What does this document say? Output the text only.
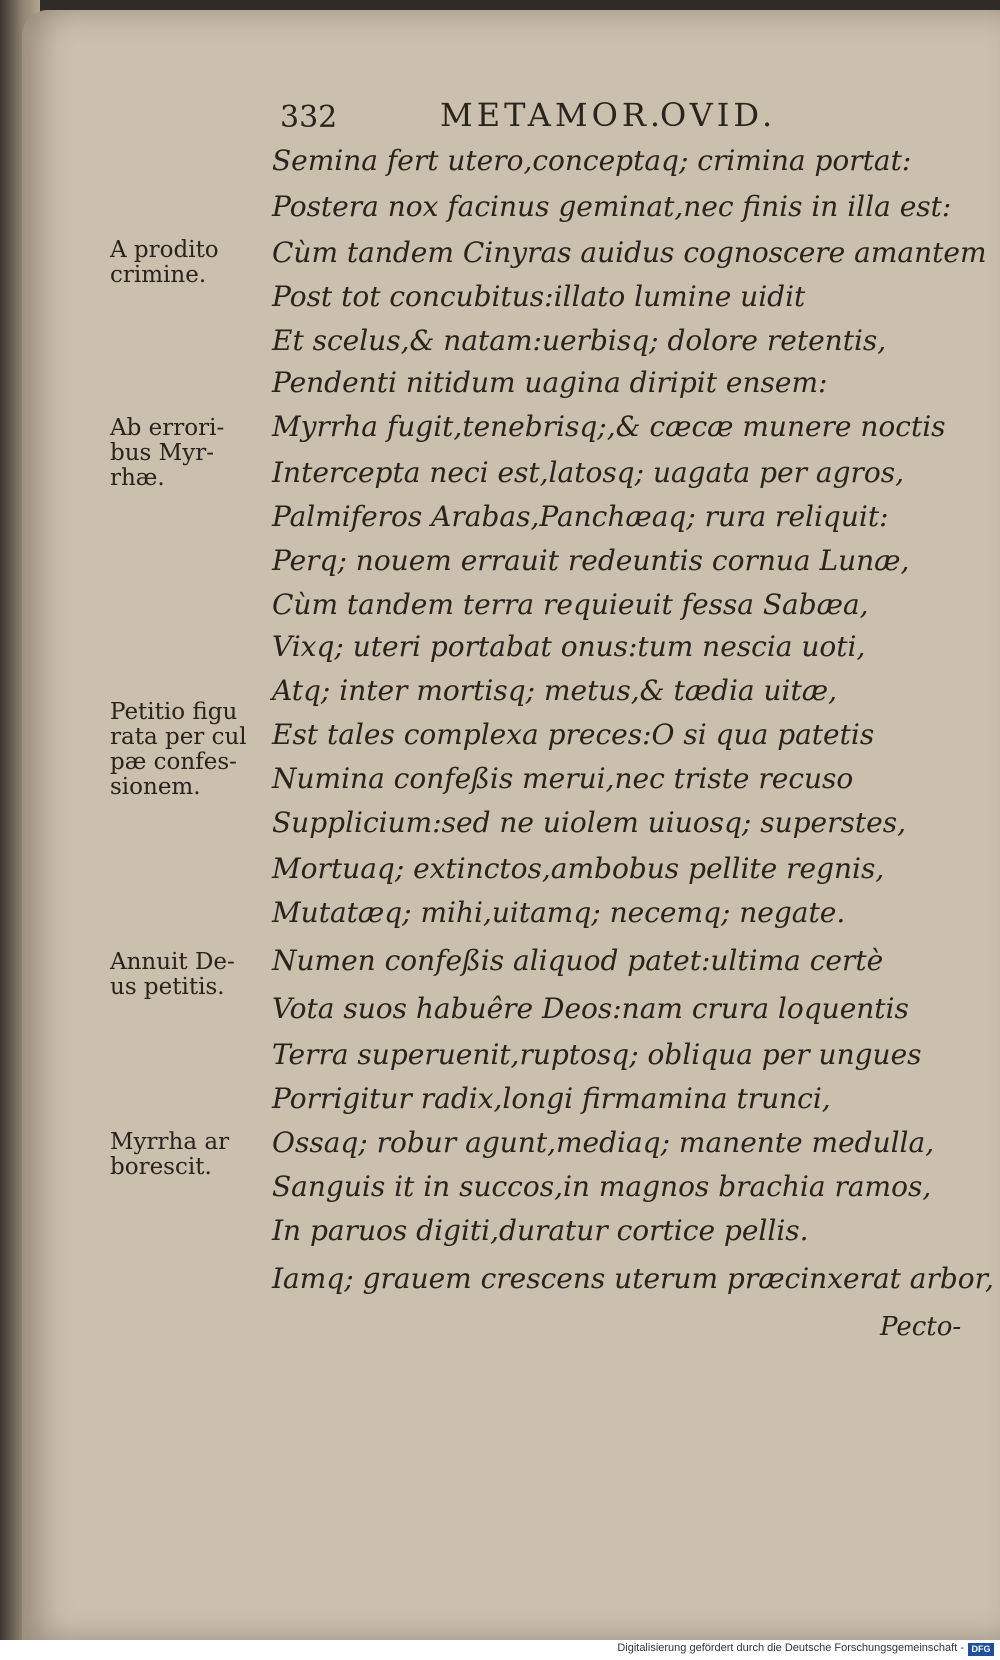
332	METAMOR.
OVID.
Semina fert utero,conceptaq; crimina portat:
Postera nox facinus geminat,nec finis in illa est:
Cùm tandem Cinyras auidus cognoscere amantem
Post tot concubitus:illato lumine uidit
Et scelus,& natam:uerbisq; dolore retentis,
Pendenti nitidum uagina diripit ensem:
Myrrha fugit,tenebrisq;,& cæcæ munere noctis
Intercepta neci est,latosq; uagata per agros,
Palmiferos Arabas,Panchæaq; rura reliquit:
Perq; nouem errauit redeuntis cornua Lunæ,
Cùm tandem terra requieuit fessa Sabæa,
Vixq; uteri portabat onus:tum nescia uoti,
Atq; inter mortisq; metus,& tædia uitæ,
Est tales complexa preces:O si qua patetis
Numina confeßis merui,nec triste recuso
Supplicium:sed ne uiolem uiuosq; superstes,
Mortuaq; extinctos,ambobus pellite regnis,
Mutatæq; mihi,uitamq; necemq; negate.
Numen confeßis aliquod patet:ultima certè
Vota suos habuêre Deos:nam crura loquentis
Terra superuenit,ruptosq; obliqua per ungues
Porrigitur radix,longi firmamina trunci,
Ossaq; robur agunt,mediaq; manente medulla,
Sanguis it in succos,in magnos brachia ramos,
In paruos digiti,duratur cortice pellis.
Iamq; grauem crescens uterum præcinxerat arbor,
Pecto-
A prodito
crimine.
Ab errori-
bus Myr-
rhæ.
Petitio figu
rata per cul
pæ confes-
sionem.
Annuit De-
us petitis.
Myrrha ar
borescit.
Digitalisierung gefördert durch die Deutsche Forschungsgemeinschaft - DFG
